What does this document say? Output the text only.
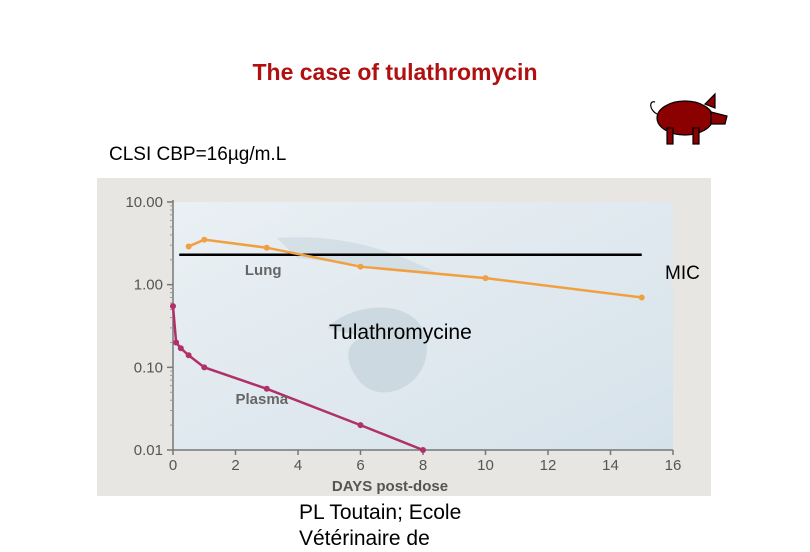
The case of tulathromycin
CLSI CBP=16µg/m.L
10.00
1.00
0.10
0.01
0	2	4	6	8	10	12	14	16
Lung
Plasma
DAYS post-dose
MIC
Tulathromycine
PL Toutain; Ecole Vétérinaire de
